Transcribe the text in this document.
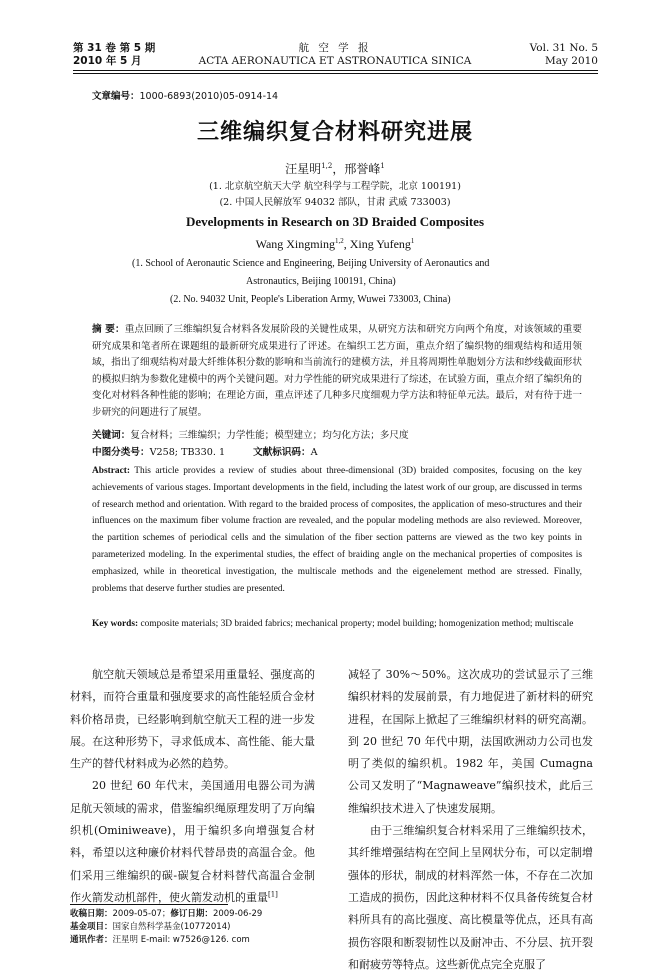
第 31 卷 第 5 期
2010 年 5 月
航 空 学 报
ACTA AERONAUTICA ET ASTRONAUTICA SINICA
Vol. 31 No. 5
May 2010
文章编号：1000-6893(2010)05-0914-14
三维编织复合材料研究进展
汪星明$^{1,2}$，邢誉峰$^1$
(1. 北京航空航天大学 航空科学与工程学院，北京 100191)
(2. 中国人民解放军 94032 部队，甘肃 武威 733003)
Developments in Research on 3D Braided Composites
Wang Xingming$^{1,2}$, Xing Yufeng$^1$
(1. School of Aeronautic Science and Engineering, Beijing University of Aeronautics and
Astronautics, Beijing 100191, China)
(2. No. 94032 Unit, People's Liberation Army, Wuwei 733003, China)
摘 要：重点回顾了三维编织复合材料各发展阶段的关键性成果，从研究方法和研究方向两个角度，对该领域的重要研究成果和笔者所在课题组的最新研究成果进行了评述。在编织工艺方面，重点介绍了编织物的细观结构和适用领域，指出了细观结构对最大纤维体积分数的影响和当前流行的建模方法，并且将周期性单胞划分方法和纱线截面形状的模拟归纳为参数化建模中的两个关键问题。对力学性能的研究成果进行了综述，在试验方面，重点介绍了编织角的变化对材料各种性能的影响；在理论方面，重点评述了几种多尺度细观力学方法和特征单元法。最后，对有待于进一步研究的问题进行了展望。
关键词：复合材料；三维编织；力学性能；模型建立；均匀化方法；多尺度
中图分类号：V258; TB330. 1	文献标识码：A
Abstract: This article provides a review of studies about three-dimensional (3D) braided composites, focusing on the key achievements of various stages. Important developments in the field, including the latest work of our group, are discussed in terms of research method and orientation. With regard to the braided process of composites, the application of meso-structures and their influences on the maximum fiber volume fraction are revealed, and the popular modeling methods are also reviewed. Moreover, the partition schemes of periodical cells and the simulation of the fiber section patterns are viewed as the two key points in parameterized modeling. In the experimental studies, the effect of braiding angle on the mechanical properties of composites is emphasized, while in theoretical investigation, the multiscale methods and the eigenelement method are stressed. Finally, problems that deserve further studies are presented.
Key words: composite materials; 3D braided fabrics; mechanical property; model building; homogenization method; multiscale

航空航天领域总是希望采用重量轻、强度高的材料，而符合重量和强度要求的高性能轻质合金材料价格昂贵，已经影响到航空航天工程的进一步发展。在这种形势下，寻求低成本、高性能、能大量生产的替代材料成为必然的趋势。

20 世纪 60 年代末，美国通用电器公司为满足航天领域的需求，借鉴编织绳原理发明了万向编织机(Ominiweave)，用于编织多向增强复合材料，希望以这种廉价材料代替昂贵的高温合金。他们采用三维编织的碳-碳复合材料替代高温合金制作火箭发动机部件，使火箭发动机的重量[1]

减轻了 30%～50%。这次成功的尝试显示了三维编织材料的发展前景，有力地促进了新材料的研究进程，在国际上掀起了三维编织材料的研究高潮。到 20 世纪 70 年代中期，法国欧洲动力公司也发明了类似的编织机。1982 年，美国 Cumagna 公司又发明了“Magnaweave”编织技术，此后三维编织技术进入了快速发展期。

由于三维编织复合材料采用了三维编织技术，其纤维增强结构在空间上呈网状分布，可以定制增强体的形状，制成的材料浑然一体，不存在二次加工造成的损伤，因此这种材料不仅具备传统复合材料所具有的高比强度、高比模量等优点，还具有高损伤容限和断裂韧性以及耐冲击、不分层、抗开裂和耐疲劳等特点。这些新优点完全克服了

收稿日期：2009-05-07；修订日期：2009-06-29
基金项目：国家自然科学基金(10772014)
通讯作者：汪星明 E-mail: w7526@126. com
